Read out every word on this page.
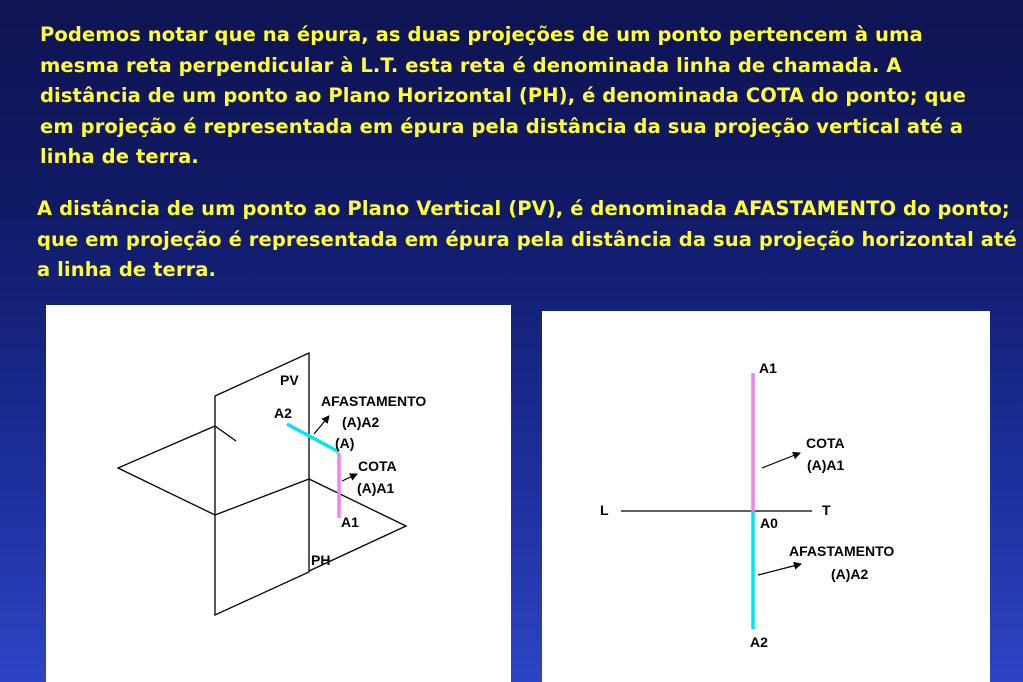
Podemos notar que na épura, as duas projeções de um ponto pertencem à uma mesma reta perpendicular à L.T. esta reta é denominada linha de chamada. A distância de um ponto ao Plano Horizontal (PH), é denominada COTA do ponto; que em projeção é representada em épura pela distância da sua projeção vertical até a linha de terra.

A distância de um ponto ao Plano Vertical (PV), é denominada AFASTAMENTO do ponto; que em projeção é representada em épura pela distância da sua projeção horizontal até a linha de terra.

PV
A2
AFASTAMENTO
(A)A2
(A)
COTA
(A)A1
A1
PH
A1
COTA
(A)A1
L	T
A0
AFASTAMENTO
(A)A2
A2
